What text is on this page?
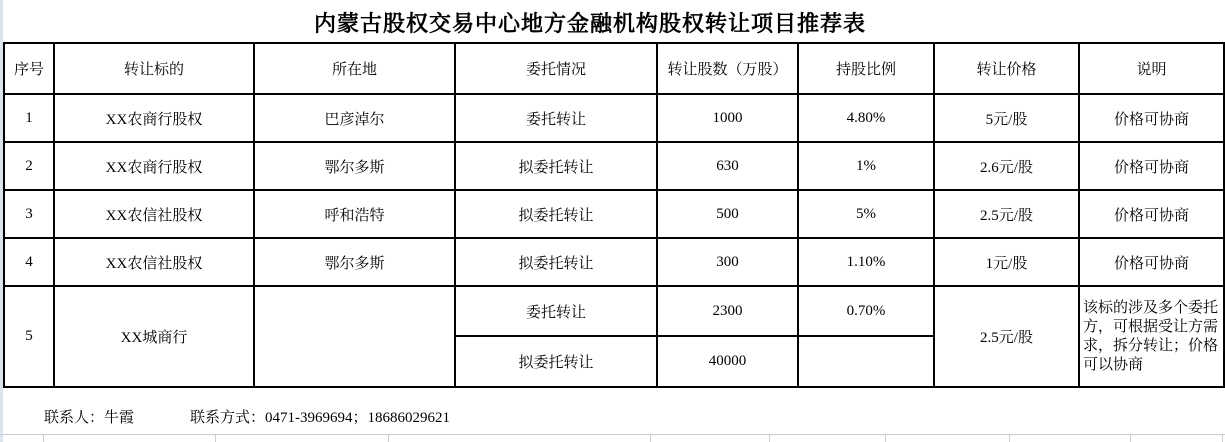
内蒙古股权交易中心地方金融机构股权转让项目推荐表
序号	转让标的	所在地	委托情况	转让股数（万股）	持股比例	转让价格	说明
1	XX农商行股权	巴彦淖尔	委托转让	1000	4.80%	5元/股	价格可协商
2	XX农商行股权	鄂尔多斯	拟委托转让	630	1%	2.6元/股	价格可协商
3	XX农信社股权	呼和浩特	拟委托转让	500	5%	2.5元/股	价格可协商
4	XX农信社股权	鄂尔多斯	拟委托转让	300	1.10%	1元/股	价格可协商
5	XX城商行		委托转让	2300	0.70%	2.5元/股	该标的涉及多个委托方，可根据受让方需求，拆分转让；价格可以协商
			拟委托转让	40000			
联系人：牛霞	联系方式：0471-3969694；18686029621
